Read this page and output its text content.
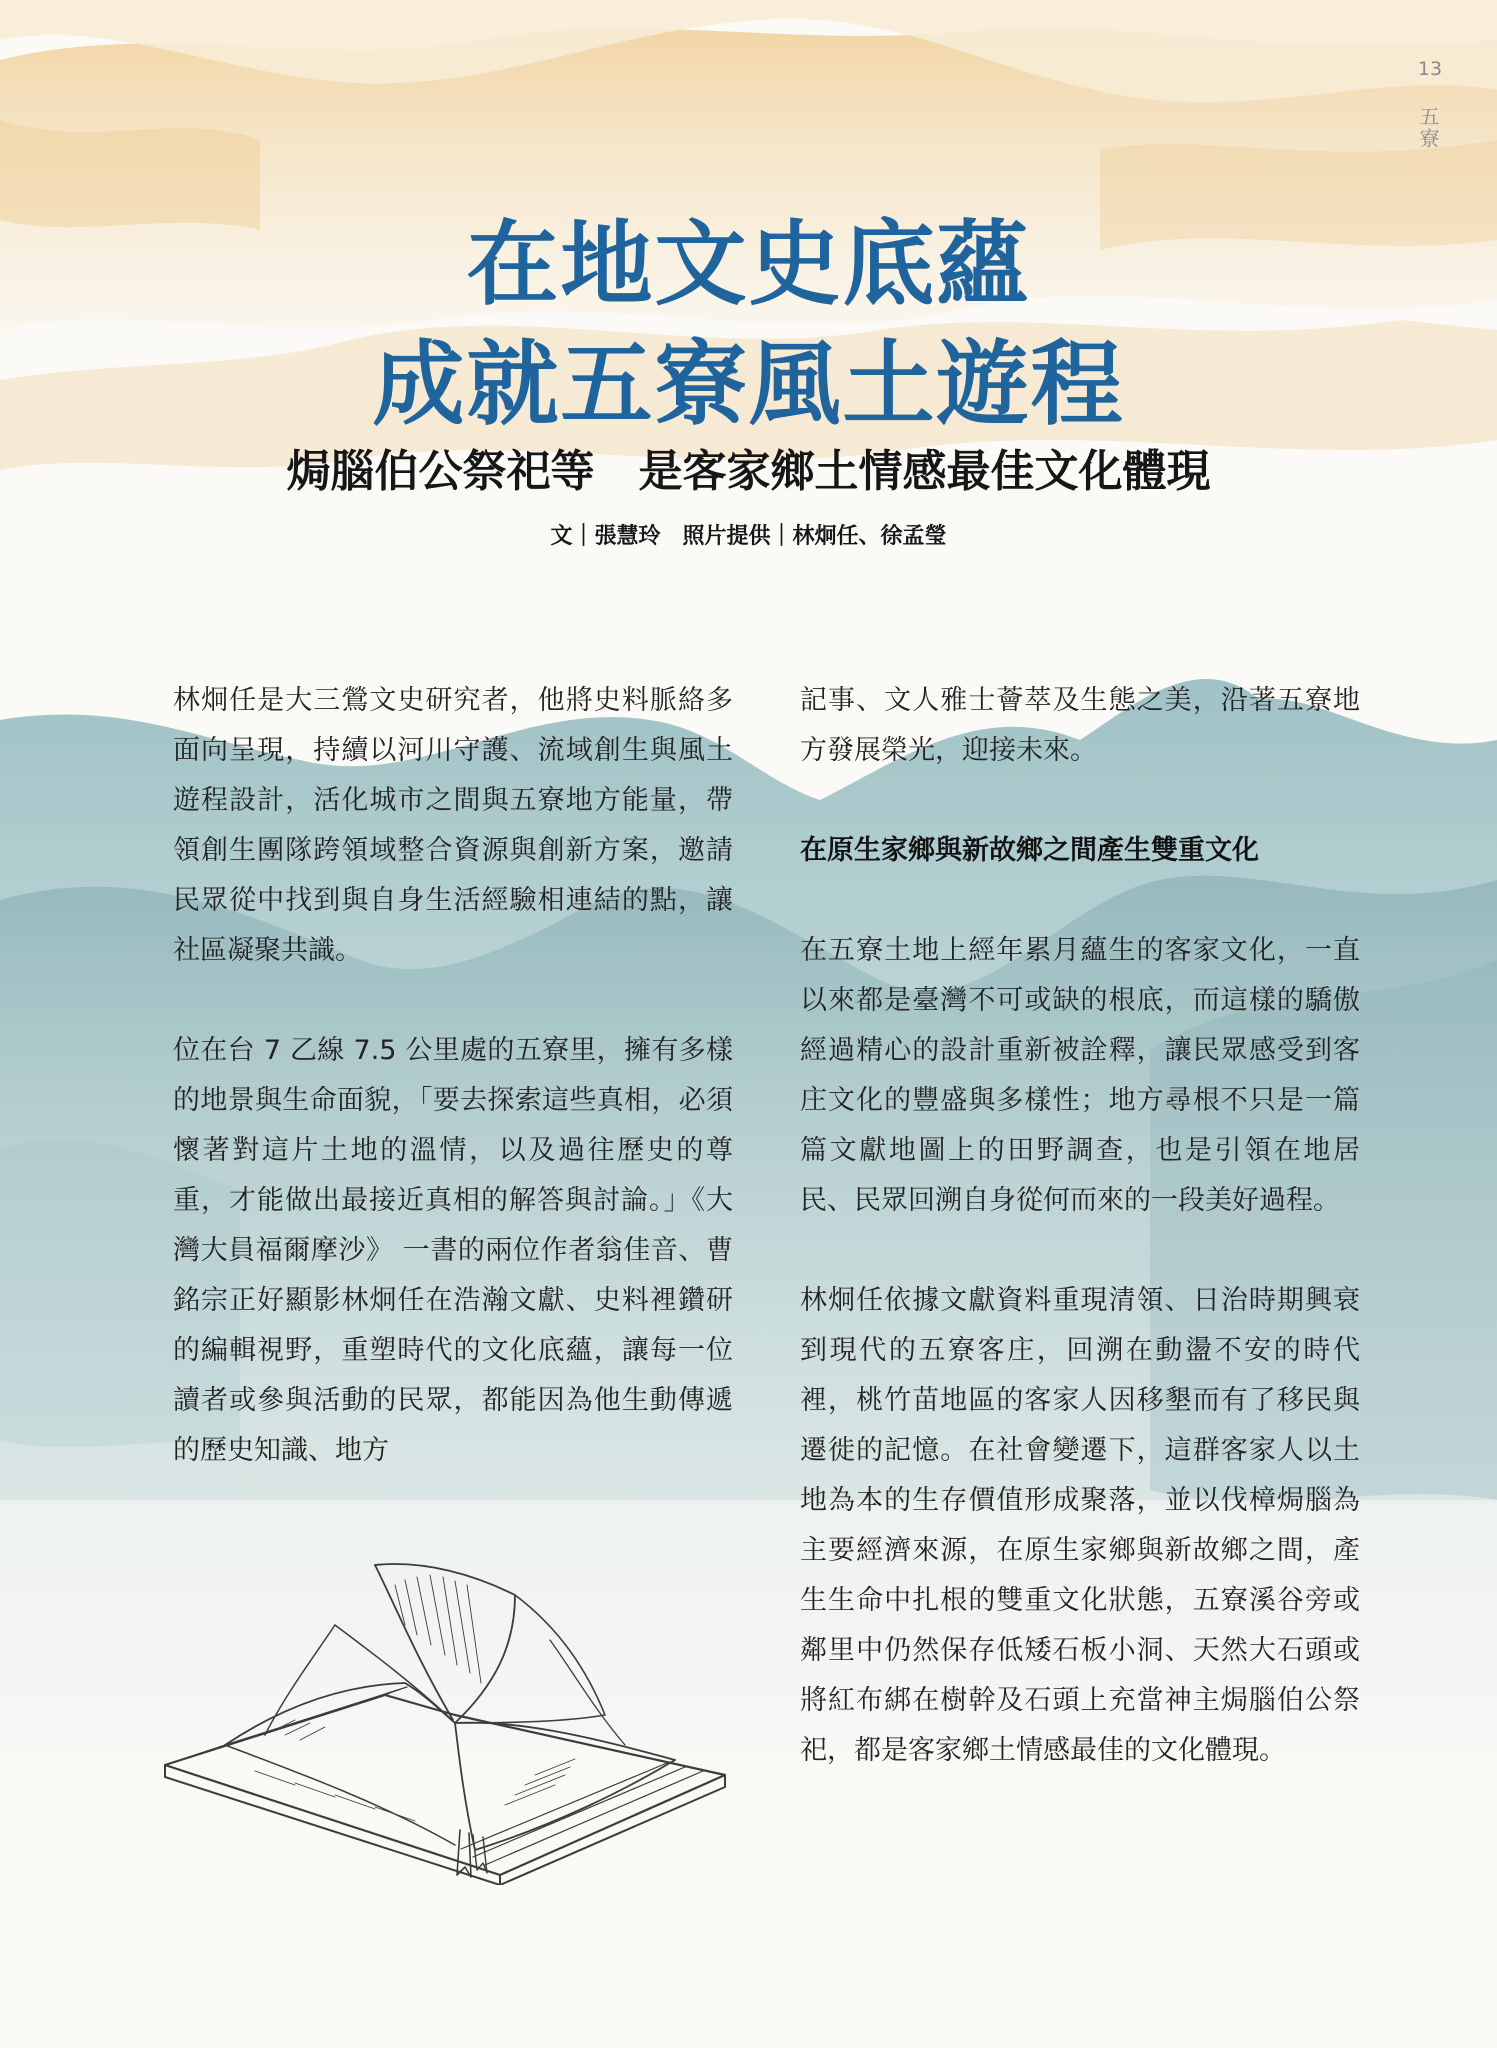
13
五寮
在地文史底蘊
成就五寮風土遊程
焗腦伯公祭祀等　是客家鄉土情感最佳文化體現
文｜張慧玲　照片提供｜林炯任、徐孟瑩

林炯任是大三鶯文史研究者，他將史料脈絡多面向呈現，持續以河川守護、流域創生與風土遊程設計，活化城市之間與五寮地方能量，帶領創生團隊跨領域整合資源與創新方案，邀請民眾從中找到與自身生活經驗相連結的點，讓社區凝聚共識。

位在台 7 乙線 7.5 公里處的五寮里，擁有多樣的地景與生命面貌，「要去探索這些真相，必須懷著對這片土地的溫情，以及過往歷史的尊重，才能做出最接近真相的解答與討論。」《大灣大員福爾摩沙》 一書的兩位作者翁佳音、曹銘宗正好顯影林炯任在浩瀚文獻、史料裡鑽研的編輯視野，重塑時代的文化底蘊，讓每一位讀者或參與活動的民眾，都能因為他生動傳遞的歷史知識、地方

記事、文人雅士薈萃及生態之美，沿著五寮地方發展榮光，迎接未來。

在原生家鄉與新故鄉之間產生雙重文化

在五寮土地上經年累月蘊生的客家文化，一直以來都是臺灣不可或缺的根底，而這樣的驕傲經過精心的設計重新被詮釋，讓民眾感受到客庄文化的豐盛與多樣性；地方尋根不只是一篇篇文獻地圖上的田野調查，也是引領在地居民、民眾回溯自身從何而來的一段美好過程。

林炯任依據文獻資料重現清領、日治時期興衰到現代的五寮客庄，回溯在動盪不安的時代裡，桃竹苗地區的客家人因移墾而有了移民與遷徙的記憶。在社會變遷下，這群客家人以土地為本的生存價值形成聚落，並以伐樟焗腦為主要經濟來源，在原生家鄉與新故鄉之間，產生生命中扎根的雙重文化狀態，五寮溪谷旁或鄰里中仍然保存低矮石板小洞、天然大石頭或將紅布綁在樹幹及石頭上充當神主焗腦伯公祭祀，都是客家鄉土情感最佳的文化體現。
